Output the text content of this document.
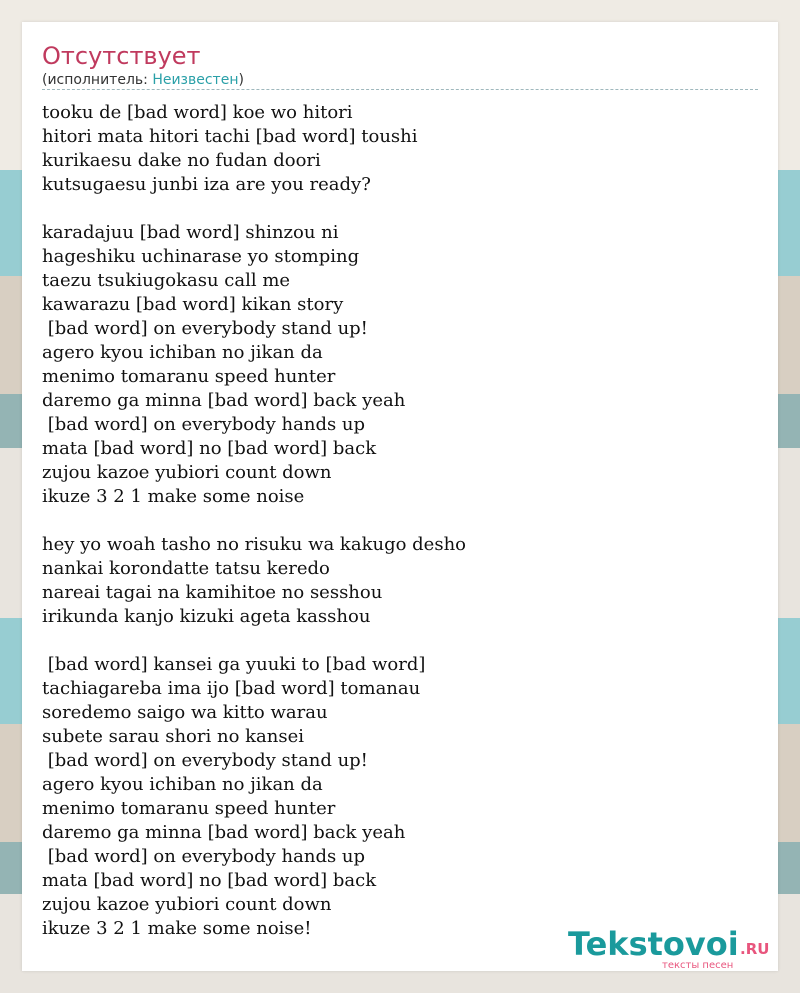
Отсутствует
(исполнитель: Неизвестен)
tooku de [bad word] koe wo hitori
hitori mata hitori tachi [bad word] toushi
kurikaesu dake no fudan doori
kutsugaesu junbi iza are you ready?
karadajuu [bad word] shinzou ni
hageshiku uchinarase yo stomping
taezu tsukiugokasu call me
kawarazu [bad word] kikan story
[bad word] on everybody stand up!
agero kyou ichiban no jikan da
menimo tomaranu speed hunter
daremo ga minna [bad word] back yeah
[bad word] on everybody hands up
mata [bad word] no [bad word] back
zujou kazoe yubiori count down
ikuze 3 2 1 make some noise
hey yo woah tasho no risuku wa kakugo desho
nankai korondatte tatsu keredo
nareai tagai na kamihitoe no sesshou
irikunda kanjo kizuki ageta kasshou
[bad word] kansei ga yuuki to [bad word]
tachiagareba ima ijo [bad word] tomanau
soredemo saigo wa kitto warau
subete sarau shori no kansei
[bad word] on everybody stand up!
agero kyou ichiban no jikan da
menimo tomaranu speed hunter
daremo ga minna [bad word] back yeah
[bad word] on everybody hands up
mata [bad word] no [bad word] back
zujou kazoe yubiori count down
ikuze 3 2 1 make some noise!	Tekstovoi .RU
тексты песен
